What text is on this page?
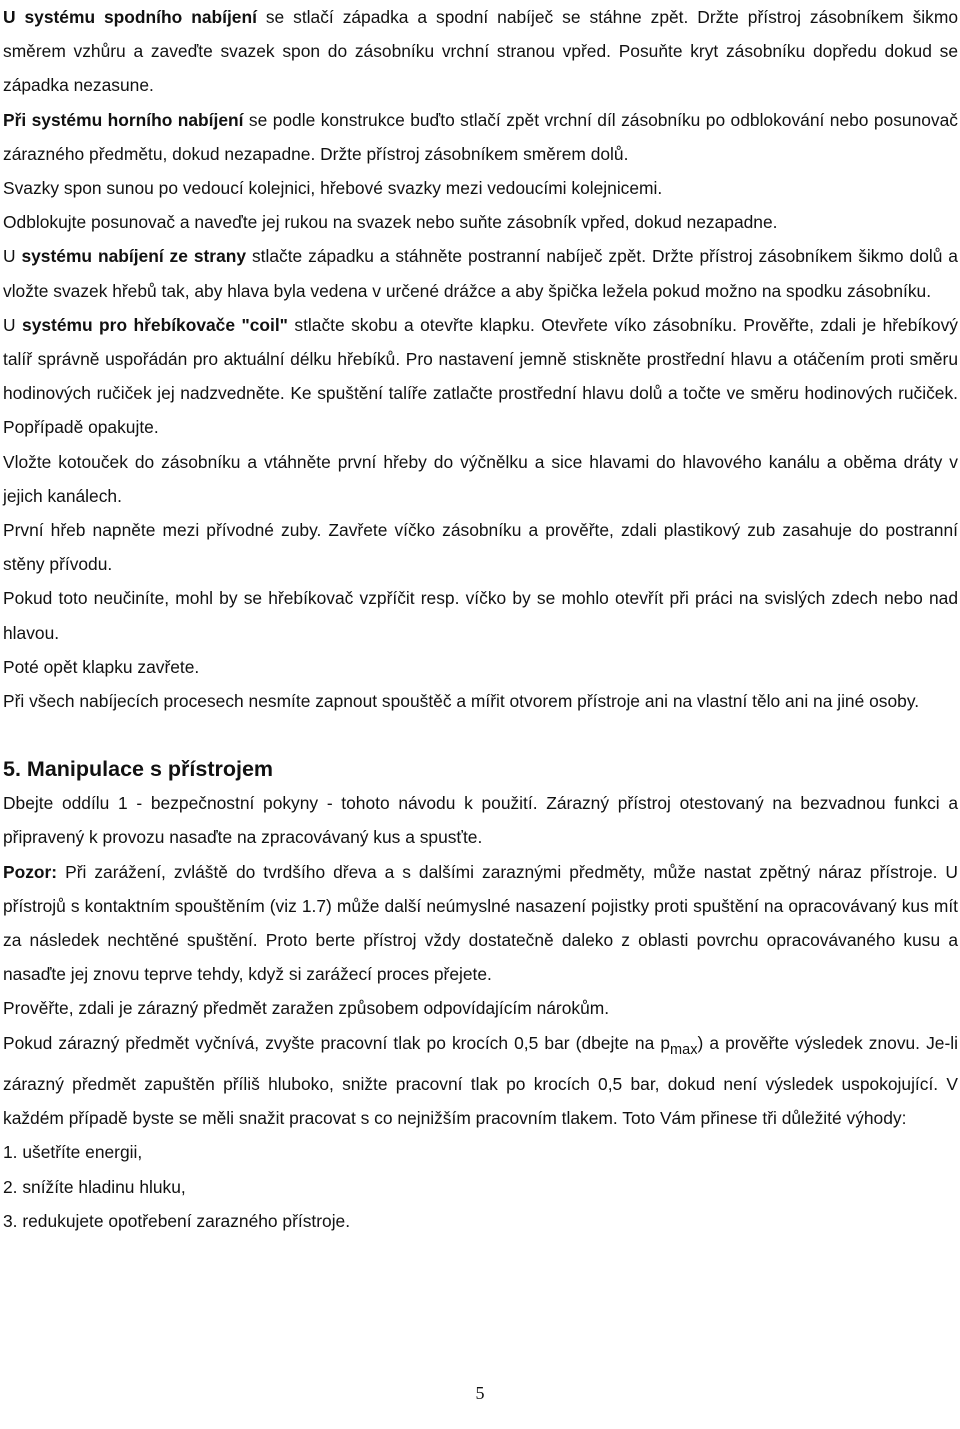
U systému spodního nabíjení se stlačí západka a spodní nabíječ se stáhne zpět. Držte přístroj zásobníkem šikmo směrem vzhůru a zaveďte svazek spon do zásobníku vrchní stranou vpřed. Posuňte kryt zásobníku dopředu dokud se západka nezasune.

Při systému horního nabíjení se podle konstrukce buďto stlačí zpět vrchní díl zásobníku po odblokování nebo posunovač zárazného předmětu, dokud nezapadne. Držte přístroj zásobníkem směrem dolů.

Svazky spon sunou po vedoucí kolejnici, hřebové svazky mezi vedoucími kolejnicemi.

Odblokujte posunovač a naveďte jej rukou na svazek nebo suňte zásobník vpřed, dokud nezapadne.

U systému nabíjení ze strany stlačte západku a stáhněte postranní nabíječ zpět. Držte přístroj zásobníkem šikmo dolů a vložte svazek hřebů tak, aby hlava byla vedena v určené drážce a aby špička ležela pokud možno na spodku zásobníku.

U systému pro hřebíkovače "coil" stlačte skobu a otevřte klapku. Otevřete víko zásobníku. Prověřte, zdali je hřebíkový talíř správně uspořádán pro aktuální délku hřebíků. Pro nastavení jemně stiskněte prostřední hlavu a otáčením proti směru hodinových ručiček jej nadzvedněte. Ke spuštění talíře zatlačte prostřední hlavu dolů a točte ve směru hodinových ručiček. Popřípadě opakujte.

Vložte kotouček do zásobníku a vtáhněte první hřeby do výčnělku a sice hlavami do hlavového kanálu a oběma dráty v jejich kanálech.

První hřeb napněte mezi přívodné zuby. Zavřete víčko zásobníku a prověřte, zdali plastikový zub zasahuje do postranní stěny přívodu.

Pokud toto neučiníte, mohl by se hřebíkovač vzpříčit resp. víčko by se mohlo otevřít při práci na svislých zdech nebo nad hlavou.

Poté opět klapku zavřete.

Při všech nabíjecích procesech nesmíte zapnout spouštěč a mířit otvorem přístroje ani na vlastní tělo ani na jiné osoby.

5. Manipulace s přístrojem

Dbejte oddílu 1 - bezpečnostní pokyny - tohoto návodu k použití. Zárazný přístroj otestovaný na bezvadnou funkci a připravený k provozu nasaďte na zpracovávaný kus a spusťte.

Pozor: Při zarážení, zvláště do tvrdšího dřeva a s dalšími zaraznými předměty, může nastat zpětný náraz přístroje. U přístrojů s kontaktním spouštěním (viz 1.7) může další neúmyslné nasazení pojistky proti spuštění na opracovávaný kus mít za následek nechtěné spuštění. Proto berte přístroj vždy dostatečně daleko z oblasti povrchu opracovávaného kusu a nasaďte jej znovu teprve tehdy, když si zarážecí proces přejete.

Prověřte, zdali je zárazný předmět zaražen způsobem odpovídajícím nárokům.

Pokud zárazný předmět vyčnívá, zvyšte pracovní tlak po krocích 0,5 bar (dbejte na $p_{max}$) a prověřte výsledek znovu. Je-li zárazný předmět zapuštěn příliš hluboko, snižte pracovní tlak po krocích 0,5 bar, dokud není výsledek uspokojující. V každém případě byste se měli snažit pracovat s co nejnižším pracovním tlakem. Toto Vám přinese tři důležité výhody:

1. ušetříte energii,

2. snížíte hladinu hluku,

3. redukujete opotřebení zarazného přístroje.

5
